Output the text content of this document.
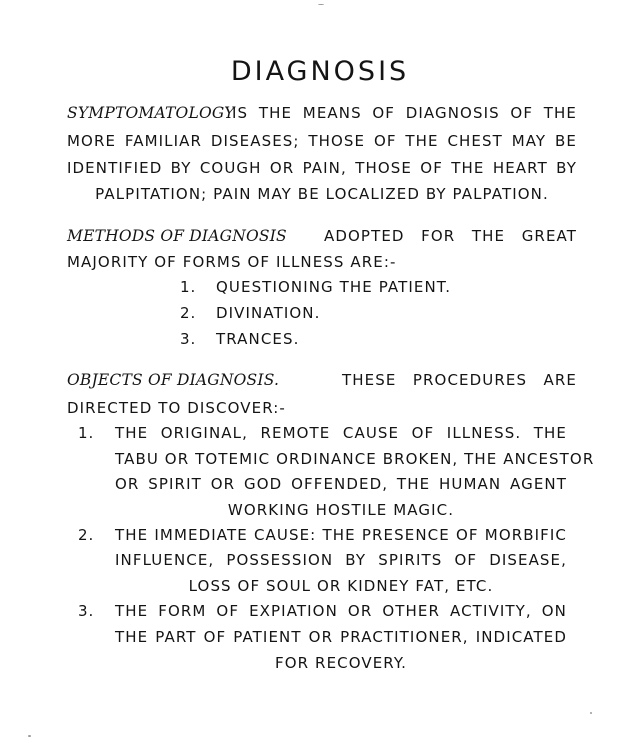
DIAGNOSIS
SYMPTOMATOLOGY
IS THE MEANS OF DIAGNOSIS OF THE
MORE FAMILIAR DISEASES; THOSE OF THE CHEST MAY BE
IDENTIFIED BY COUGH OR PAIN, THOSE OF THE HEART BY
PALPITATION; PAIN MAY BE LOCALIZED BY PALPATION.
METHODS OF DIAGNOSIS ADOPTED FOR THE GREAT
MAJORITY OF FORMS OF ILLNESS ARE:-
1. QUESTIONING THE PATIENT.
2. DIVINATION.
3. TRANCES.
OBJECTS OF DIAGNOSIS.	THESE PROCEDURES ARE
DIRECTED TO DISCOVER:-
1. THE ORIGINAL, REMOTE CAUSE OF ILLNESS. THE
TABU OR TOTEMIC ORDINANCE BROKEN, THE ANCESTOR
OR SPIRIT OR GOD OFFENDED, THE HUMAN AGENT
WORKING HOSTILE MAGIC.
2. THE IMMEDIATE CAUSE: THE PRESENCE OF MORBIFIC
INFLUENCE, POSSESSION BY SPIRITS OF DISEASE,
LOSS OF SOUL OR KIDNEY FAT, ETC.
3. THE FORM OF EXPIATION OR OTHER ACTIVITY, ON
THE PART OF PATIENT OR PRACTITIONER, INDICATED
FOR RECOVERY.
